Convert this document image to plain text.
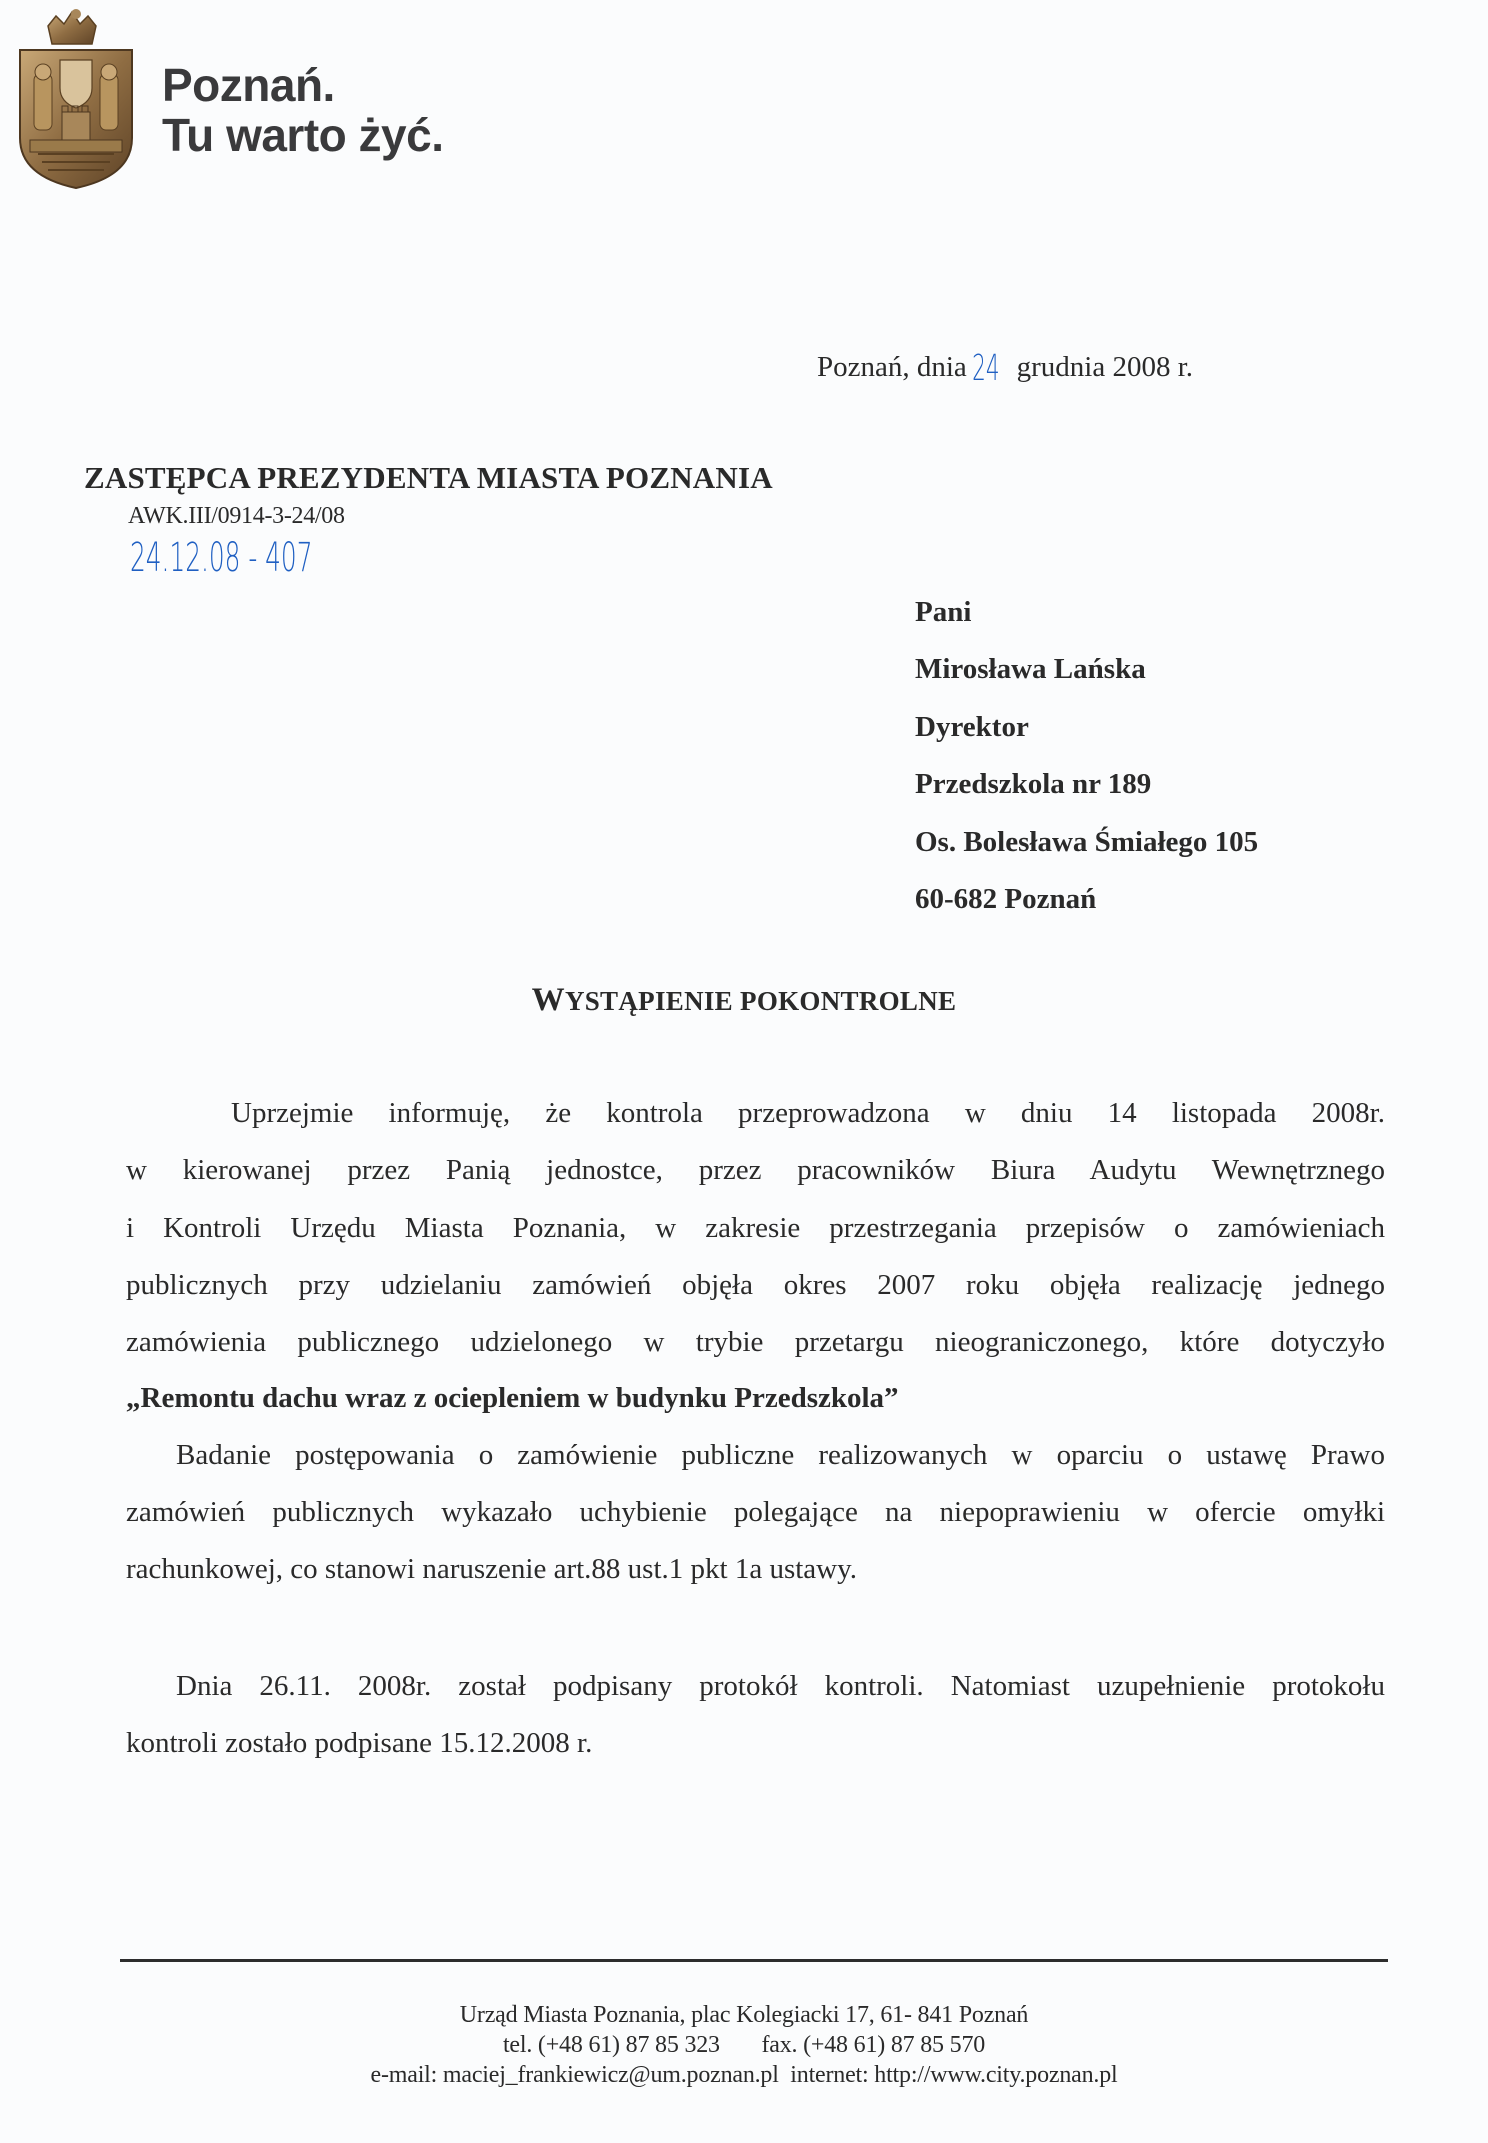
Poznań.
Tu warto żyć.
Poznań, dnia 24 grudnia 2008 r.
ZASTĘPCA PREZYDENTA MIASTA POZNANIA
AWK.III/0914-3-24/08
24.12.08 - 407
Pani
Mirosława Lańska
Dyrektor
Przedszkola nr 189
Os. Bolesława Śmiałego 105
60-682 Poznań
WYSTĄPIENIE POKONTROLNE
Uprzejmie informuję, że kontrola przeprowadzona w dniu 14 listopada 2008r.
w kierowanej przez Panią jednostce, przez pracowników Biura Audytu Wewnętrznego
i Kontroli Urzędu Miasta Poznania, w zakresie przestrzegania przepisów o zamówieniach
publicznych przy udzielaniu zamówień objęła okres 2007 roku objęła realizację jednego
zamówienia publicznego udzielonego w trybie przetargu nieograniczonego, które dotyczyło
„Remontu dachu wraz z ociepleniem w budynku Przedszkola”
Badanie postępowania o zamówienie publiczne realizowanych w oparciu o ustawę Prawo
zamówień publicznych wykazało uchybienie polegające na niepoprawieniu w ofercie omyłki
rachunkowej, co stanowi naruszenie art.88 ust.1 pkt 1a ustawy.
Dnia 26.11. 2008r. został podpisany protokół kontroli. Natomiast uzupełnienie protokołu
kontroli zostało podpisane 15.12.2008 r.
Urząd Miasta Poznania, plac Kolegiacki 17, 61- 841 Poznań
tel. (+48 61) 87 85 323 fax. (+48 61) 87 85 570
e-mail: maciej_frankiewicz@um.poznan.pl internet: http://www.city.poznan.pl
